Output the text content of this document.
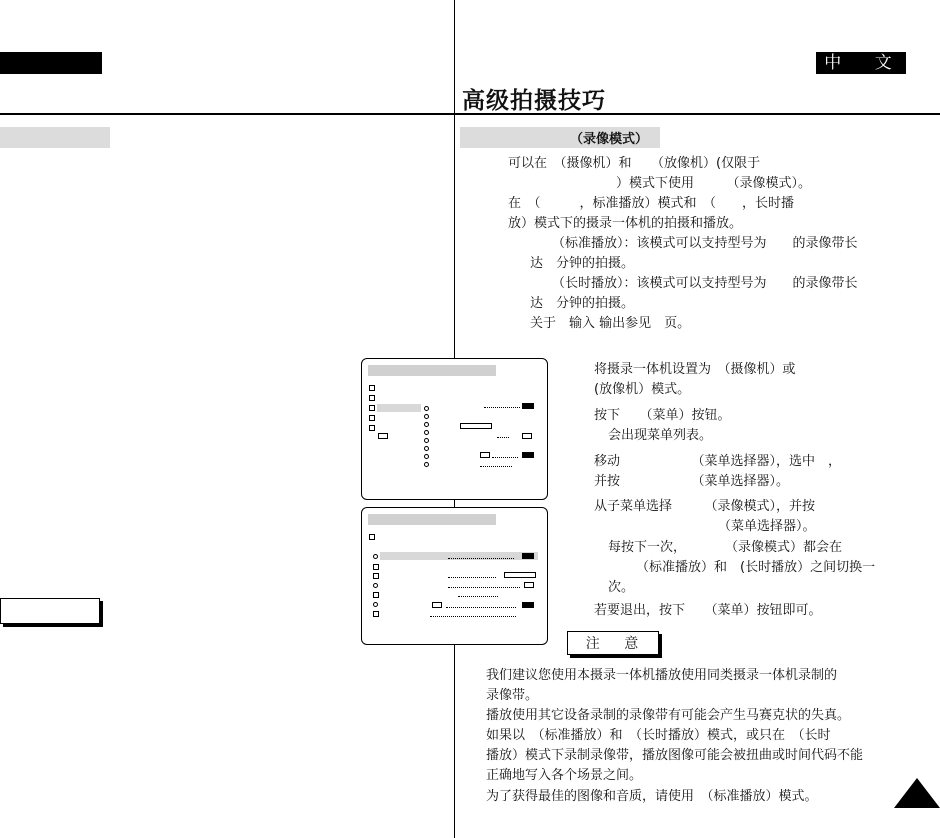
中 文
高级拍摄技巧
（录像模式）
可以在　（摄像机）和　　（放像机）(仅限于
）模式下使用　　　（录像模式）。
在　（　　　，标准播放）模式和　（　　，长时播
放）模式下的摄录一体机的拍摄和播放。
（标准播放）：该模式可以支持型号为　　的录像带长
达　分钟的拍摄。
（长时播放）：该模式可以支持型号为　　的录像带长
达　分钟的拍摄。
关于　输入 输出参见　页。
将摄录一体机设置为　（摄像机）或
(放像机）模式。
按下　　（菜单）按钮。
会出现菜单列表。
移动　　　　　　（菜单选择器），选中　，
并按　　　　　　（菜单选择器）。
从子菜单选择　　　（录像模式），并按
（菜单选择器）。
每按下一次，　　　　（录像模式）都会在
（标准播放）和　(长时播放）之间切换一
次。
若要退出，按下　　（菜单）按钮即可。
注 意
我们建议您使用本摄录一体机播放使用同类摄录一体机录制的
录像带。
播放使用其它设备录制的录像带有可能会产生马赛克状的失真。
如果以　（标准播放）和　（长时播放）模式，或只在　（长时
播放）模式下录制录像带，播放图像可能会被扭曲或时间代码不能
正确地写入各个场景之间。
为了获得最佳的图像和音质，请使用　（标准播放）模式。
